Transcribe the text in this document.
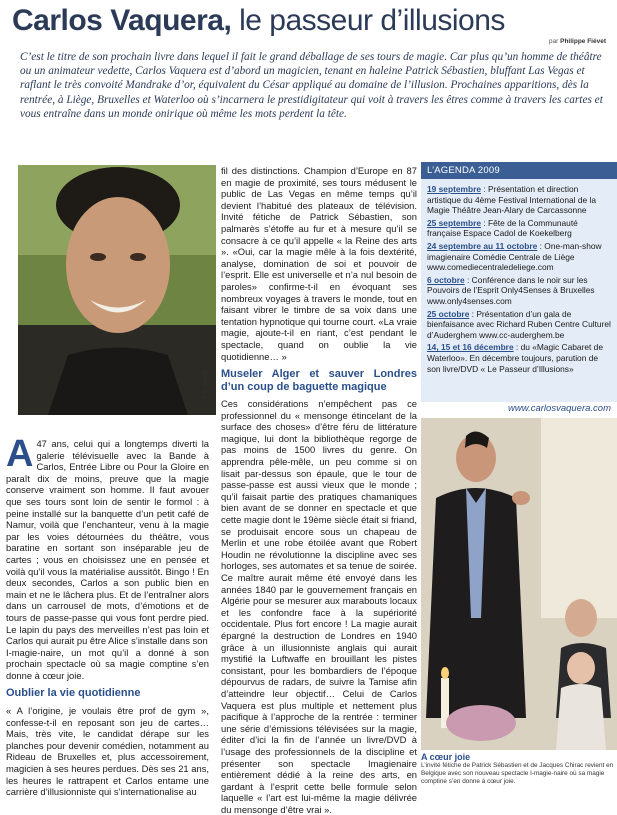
Carlos Vaquera, le passeur d’illusions
par Philippe Fiévet
C’est le titre de son prochain livre dans lequel il fait le grand déballage de ses tours de magie. Car plus qu’un homme de théâtre ou un animateur vedette, Carlos Vaquera est d’abord un magicien, tenant en haleine Patrick Sébastien, bluffant Las Vegas et raflant le très convoité Mandrake d’or, équivalent du César appliqué au domaine de l’illusion. Prochaines apparitions, dès la rentrée, à Liège, Bruxelles et Waterloo où s’incarnera le prestidigitateur qui voit à travers les êtres comme à travers les cartes et vous entraîne dans un monde onirique où même les mots perdent la tête.
© S. Henry

A 47 ans, celui qui a longtemps diverti la galerie télévisuelle avec la Bande à Carlos, Entrée Libre ou Pour la Gloire en paraît dix de moins, preuve que la magie conserve vraiment son homme. Il faut avouer que ses tours sont loin de sentir le formol : à peine installé sur la banquette d’un petit café de Namur, voilà que l’enchanteur, venu à la magie par les voies détournées du théâtre, vous baratine en sortant son inséparable jeu de cartes ; vous en choisissez une en pensée et voilà qu’il vous la matérialise aussitôt. Bingo ! En deux secondes, Carlos a son public bien en main et ne le lâchera plus. Et de l’entraîner alors dans un carrousel de mots, d’émotions et de tours de passe-passe qui vous font perdre pied. Le lapin du pays des merveilles n’est pas loin et Carlos qui aurait pu être Alice s’installe dans son

I-magie-naire, un mot qu’il a donné à son prochain spectacle où sa magie comptine s’en donne à cœur joie.

Oublier la vie quotidienne

« A l’origine, je voulais être prof de gym », confesse-t-il en reposant son jeu de cartes… Mais, très vite, le candidat dérape sur les planches pour devenir comédien, notamment au Rideau de Bruxelles et, plus accessoirement, magicien à ses heures perdues. Dès ses 21 ans, les heures le rattrapent et Carlos entame une carrière d’illusionniste qui s’internationalise au

fil des distinctions. Champion d’Europe en 87 en magie de proximité, ses tours médusent le public de Las Vegas en même temps qu’il devient l’habitué des plateaux de télévision. Invité fétiche de Patrick Sébastien, son palmarès s’étoffe au fur et à mesure qu’il se consacre à ce qu’il appelle « la Reine des arts ». «Oui, car la magie mêle à la fois dextérité, analyse, domination de soi et pouvoir de l’esprit. Elle est universelle et n’a nul besoin de paroles» confirme-t-il en évoquant ses nombreux voyages à travers le monde, tout en faisant vibrer le timbre de sa voix dans une tentation hypnotique qui tourne court. «La vraie magie, ajoute-t-il en riant, c’est pendant le spectacle, quand on oublie la vie quotidienne… »

Museler Alger et sauver Londres d’un coup de baguette magique

Ces considérations n’empêchent pas ce professionnel du « mensonge étincelant de la surface des choses» d’être féru de littérature magique, lui dont la bibliothèque regorge de pas moins de 1500 livres du genre. On apprendra pêle-mêle, un peu comme si on lisait par-dessus son épaule, que le tour de passe-passe est aussi vieux que le monde ; qu’il faisait partie des pratiques chamaniques bien avant de se donner en spectacle et que cette magie dont le 19ème siècle était si friand, se produisait encore sous un chapeau de Merlin et une robe étoilée avant que Robert Houdin ne révolutionne la discipline avec ses horloges, ses automates et sa tenue de soirée. Ce maître aurait même été envoyé dans les années 1840 par le gouvernement français en Algérie pour se mesurer aux marabouts locaux et les confondre face à la supériorité occidentale. Plus fort encore ! La magie aurait épargné la destruction de Londres en 1940 grâce à un illusionniste anglais qui aurait mystifié la Luftwaffe en brouillant les pistes consistant, pour les bombardiers de l’époque dépourvus de radars, de suivre la Tamise afin d’atteindre leur objectif… Celui de Carlos Vaquera est plus multiple et nettement plus pacifique à l’approche de la rentrée : terminer une série d’émissions télévisées sur la magie, éditer d’ici la fin de l’année un livre/DVD à l’usage des professionnels de la discipline et présenter son spectacle Imagienaire entièrement dédié à la reine des arts, en gardant à l’esprit cette belle formule selon laquelle « l’art est lui-même la magie délivrée du mensonge d’être vrai ».

L’AGENDA 2009
19 septembre : Présentation et direction artistique du 4ème Festival International de la Magie Théâtre Jean-Alary de Carcassonne
25 septembre : Fête de la Communauté française Espace Cadol de Koekelberg
24 septembre au 11 octobre : One-man-show imagienaire Comédie Centrale de Liège www.comediecentraledeliege.com
6 octobre : Conférence dans le noir sur les Pouvoirs de l’Esprit Only4Senses à Bruxelles www.only4senses.com
25 octobre : Présentation d’un gala de bienfaisance avec Richard Ruben Centre Culturel d’Auderghem www.cc-auderghem.be
14, 15 et 16 décembre : du «Magic Cabaret de Waterloo». En décembre toujours, parution de son livre/DVD « Le Passeur d’Illusions»
www.carlosvaquera.com
A cœur joie
L’invité fétiche de Patrick Sébastien et de Jacques Chirac revient en Belgique avec son nouveau spectacle I-magie-naire où sa magie comptine s’en donne à cœur joie.
